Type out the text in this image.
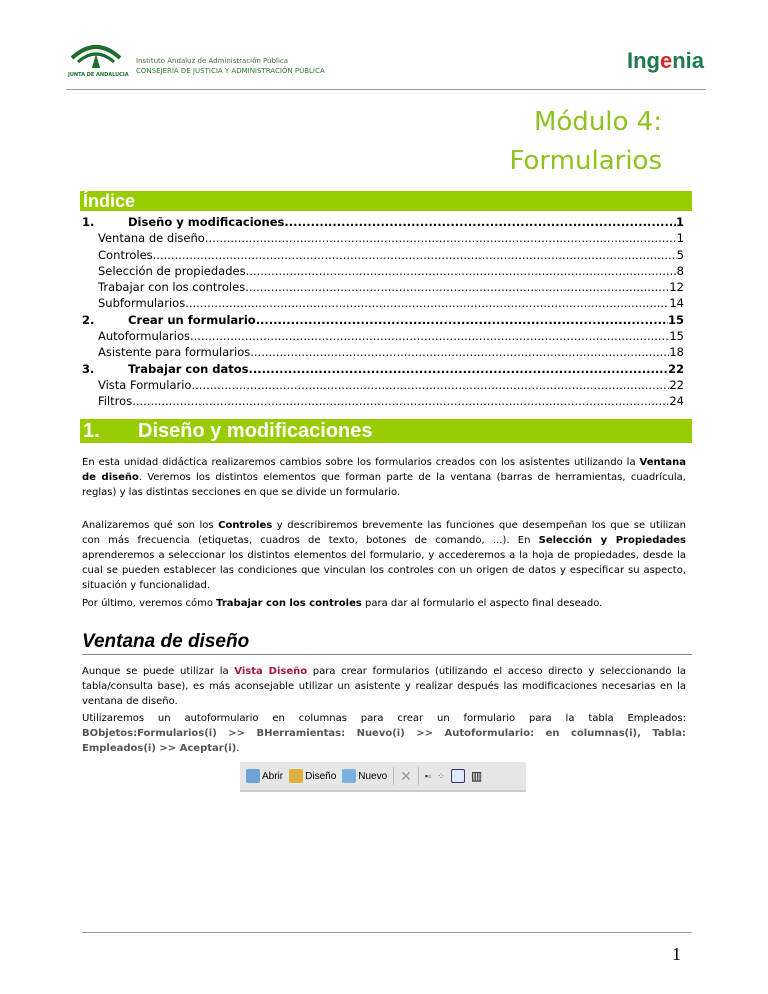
JUNTA DE ANDALUCIA
Instituto Andaluz de Administración Pública
CONSEJERÍA DE JUSTICIA Y ADMINISTRACIÓN PÚBLICA	Ingenia
Módulo 4:
Formularios
Índice
1.	Diseño y modificaciones .....	1
Ventana de diseño .....	1
Controles .....	5
Selección de propiedades .....	8
Trabajar con los controles .....	12
Subformularios .....	14
2.	Crear un formulario .....	15
Autoformularios .....	15
Asistente para formularios .....	18
3.	Trabajar con datos .....	22
Vista Formulario .....	22
Filtros .....	24
1. Diseño y modificaciones
En esta unidad didáctica realizaremos cambios sobre los formularios creados con los asistentes utilizando la Ventana de diseño. Veremos los distintos elementos que forman parte de la ventana (barras de herramientas, cuadrícula, reglas) y las distintas secciones en que se divide un formulario.
Analizaremos qué son los Controles y describiremos brevemente las funciones que desempeñan los que se utilizan con más frecuencia (etiquetas, cuadros de texto, botones de comando, ...). En Selección y Propiedades aprenderemos a seleccionar los distintos elementos del formulario, y accederemos a la hoja de propiedades, desde la cual se pueden establecer las condiciones que vinculan los controles con un origen de datos y especificar su aspecto, situación y funcionalidad.
Por último, veremos cómo Trabajar con los controles para dar al formulario el aspecto final deseado.
Ventana de diseño
Aunque se puede utilizar la Vista Diseño para crear formularios (utilizando el acceso directo y seleccionando la tabla/consulta base), es más aconsejable utilizar un asistente y realizar después las modificaciones necesarias en la ventana de diseño.
Utilizaremos un autoformulario en columnas para crear un formulario para la tabla Empleados: BObjetos:Formularios(i) >> BHerramientas: Nuevo(i) >> Autoformulario: en columnas(i), Tabla: Empleados(i) >> Aceptar(i).
Abrir Diseño Nuevo ✕ ▪▫ ⁘ ▥
1
